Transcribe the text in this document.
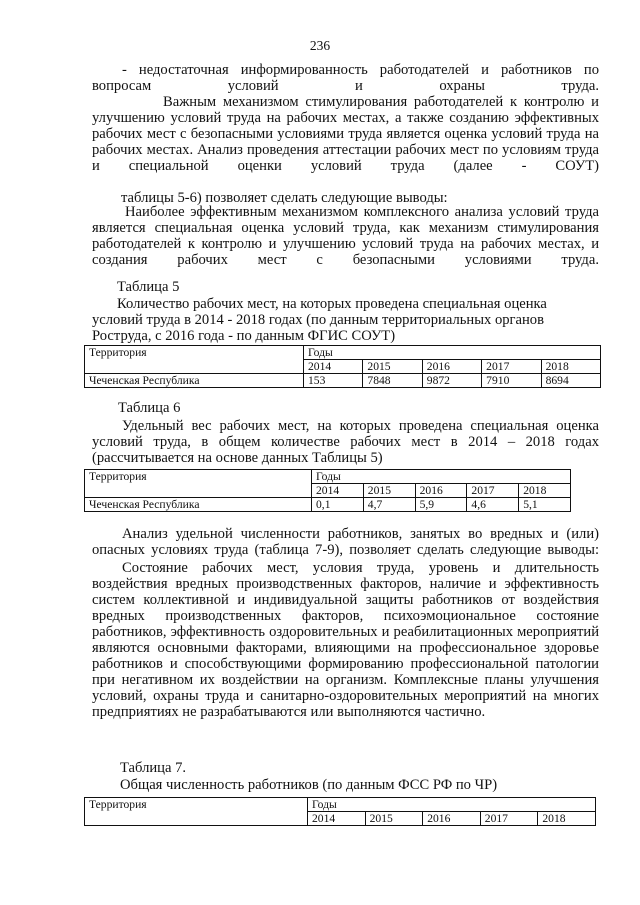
236

- недостаточная информированность работодателей и работников по вопросам условий и охраны труда.

Важным механизмом стимулирования работодателей к контролю и улучшению условий труда на рабочих местах, а также созданию эффективных рабочих мест с безопасными условиями труда является оценка условий труда на рабочих местах. Анализ проведения аттестации рабочих мест по условиям труда и специальной оценки условий труда (далее - СОУТ)

таблицы 5-6) позволяет сделать следующие выводы:

Наиболее эффективным механизмом комплексного анализа условий труда является специальная оценка условий труда, как механизм стимулирования работодателей к контролю и улучшению условий труда на рабочих местах, и создания рабочих мест с безопасными условиями труда.

Таблица 5
Количество рабочих мест, на которых проведена специальная оценка
условий труда в 2014 - 2018 годах (по данным территориальных органов
Роструда, с 2016 года - по данным ФГИС СОУТ)
Территория	Годы				
	2014	2015	2016	2017	2018
Чеченская Республика	153	7848	9872	7910	8694
Таблица 6

Удельный вес рабочих мест, на которых проведена специальная оценка условий труда, в общем количестве рабочих мест в 2014 – 2018 годах

(рассчитывается на основе данных Таблицы 5)
Территория	Годы				
	2014	2015	2016	2017	2018
Чеченская Республика	0,1	4,7	5,9	4,6	5,1

Анализ удельной численности работников, занятых во вредных и (или) опасных условиях труда (таблица 7-9), позволяет сделать следующие выводы:

Состояние рабочих мест, условия труда, уровень и длительность воздействия вредных производственных факторов, наличие и эффективность систем коллективной и индивидуальной защиты работников от воздействия вредных производственных факторов, психоэмоциональное состояние работников, эффективность оздоровительных и реабилитационных мероприятий являются основными факторами, влияющими на профессиональное здоровье работников и способствующими формированию профессиональной патологии при негативном их воздействии на организм. Комплексные планы улучшения условий, охраны труда и санитарно-оздоровительных мероприятий на многих предприятиях не разрабатываются или выполняются частично.

Таблица 7.
Общая численность работников (по данным ФСС РФ по ЧР)
Территория	Годы				
	2014	2015	2016	2017	2018
